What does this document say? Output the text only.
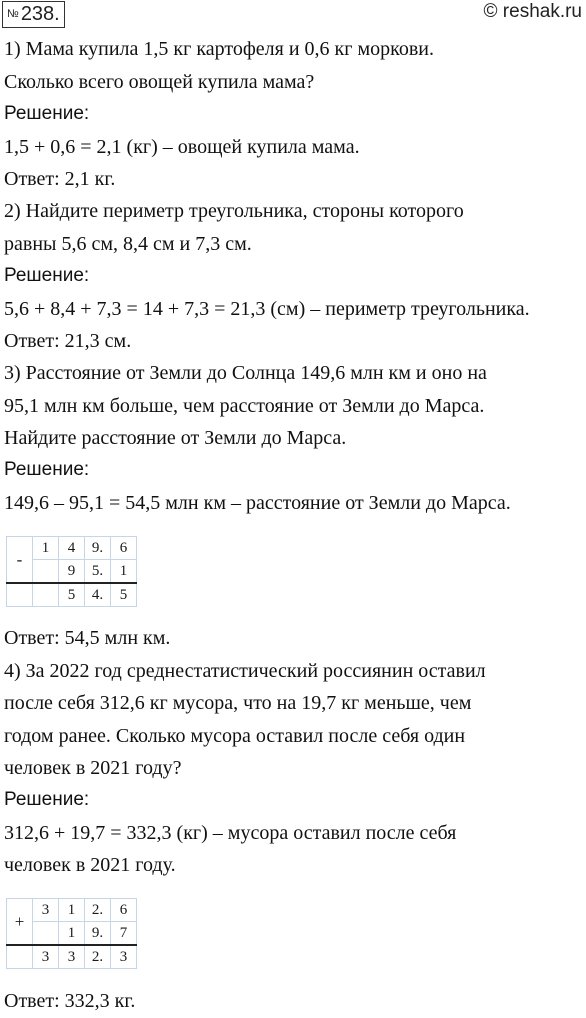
№ 238.	© reshak.ru
1) Мама купила 1,5 кг картофеля и 0,6 кг моркови.
Сколько всего овощей купила мама?
Решение:
1,5 + 0,6 = 2,1 (кг) – овощей купила мама.
Ответ: 2,1 кг.
2) Найдите периметр треугольника, стороны которого
равны 5,6 см, 8,4 см и 7,3 см.
Решение:
5,6 + 8,4 + 7,3 = 14 + 7,3 = 21,3 (см) – периметр треугольника.
Ответ: 21,3 см.
3) Расстояние от Земли до Солнца 149,6 млн км и оно на
95,1 млн км больше, чем расстояние от Земли до Марса.
Найдите расстояние от Земли до Марса.
Решение:
149,6 – 95,1 = 54,5 млн км – расстояние от Земли до Марса.
-	1	4	9.	6
		9	5.	1
		5	4.	5
Ответ: 54,5 млн км.
4) За 2022 год среднестатистический россиянин оставил
после себя 312,6 кг мусора, что на 19,7 кг меньше, чем
годом ранее. Сколько мусора оставил после себя один
человек в 2021 году?
Решение:
312,6 + 19,7 = 332,3 (кг) – мусора оставил после себя
человек в 2021 году.
+	3	1	2.	6
		1	9.	7
	3	3	2.	3
Ответ: 332,3 кг.
